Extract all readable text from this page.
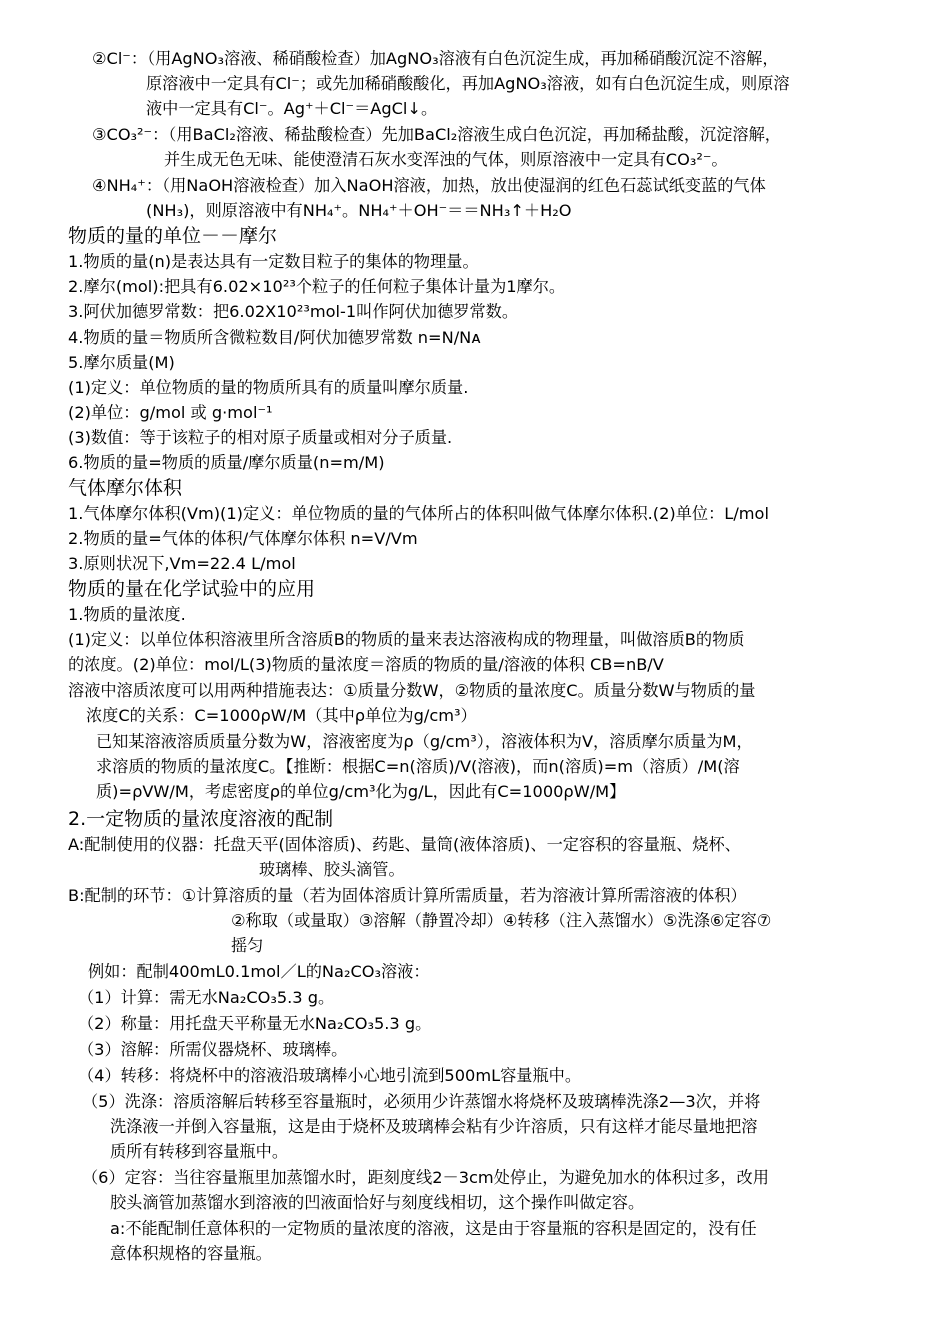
②Cl⁻：（用AgNO₃溶液、稀硝酸检查）加AgNO₃溶液有白色沉淀生成，再加稀硝酸沉淀不溶解，
原溶液中一定具有Cl⁻；或先加稀硝酸酸化，再加AgNO₃溶液，如有白色沉淀生成，则原溶
液中一定具有Cl⁻。Ag⁺＋Cl⁻＝AgCl↓。
③CO₃²⁻：（用BaCl₂溶液、稀盐酸检查）先加BaCl₂溶液生成白色沉淀，再加稀盐酸，沉淀溶解，
并生成无色无味、能使澄清石灰水变浑浊的气体，则原溶液中一定具有CO₃²⁻。
④NH₄⁺：（用NaOH溶液检查）加入NaOH溶液，加热，放出使湿润的红色石蕊试纸变蓝的气体
(NH₃)，则原溶液中有NH₄⁺。NH₄⁺＋OH⁻＝＝NH₃↑＋H₂O
物质的量的单位－－摩尔
1.物质的量(n)是表达具有一定数目粒子的集体的物理量。
2.摩尔(mol):把具有6.02×10²³个粒子的任何粒子集体计量为1摩尔。
3.阿伏加德罗常数：把6.02X10²³mol-1叫作阿伏加德罗常数。
4.物质的量＝物质所含微粒数目/阿伏加德罗常数 n=N/Nᴀ
5.摩尔质量(M)
(1)定义：单位物质的量的物质所具有的质量叫摩尔质量.
(2)单位：g/mol 或 g·mol⁻¹
(3)数值：等于该粒子的相对原子质量或相对分子质量.
6.物质的量=物质的质量/摩尔质量(n=m/M)
气体摩尔体积
1.气体摩尔体积(Vm)(1)定义：单位物质的量的气体所占的体积叫做气体摩尔体积.(2)单位：L/mol
2.物质的量=气体的体积/气体摩尔体积 n=V/Vm
3.原则状况下,Vm=22.4 L/mol
物质的量在化学试验中的应用
1.物质的量浓度.
(1)定义：以单位体积溶液里所含溶质B的物质的量来表达溶液构成的物理量，叫做溶质B的物质
的浓度。(2)单位：mol/L(3)物质的量浓度＝溶质的物质的量/溶液的体积 CB=nB/V
溶液中溶质浓度可以用两种措施表达：①质量分数W，②物质的量浓度C。质量分数W与物质的量
浓度C的关系：C=1000ρW/M（其中ρ单位为g/cm³）
已知某溶液溶质质量分数为W，溶液密度为ρ（g/cm³），溶液体积为V，溶质摩尔质量为M，
求溶质的物质的量浓度C。【推断：根据C=n(溶质)/V(溶液)，而n(溶质)=m（溶质）/M(溶
质)=ρVW/M，考虑密度ρ的单位g/cm³化为g/L，因此有C=1000ρW/M】
2.一定物质的量浓度溶液的配制
A:配制使用的仪器：托盘天平(固体溶质)、药匙、量筒(液体溶质)、一定容积的容量瓶、烧杯、
玻璃棒、胶头滴管。
B:配制的环节：①计算溶质的量（若为固体溶质计算所需质量，若为溶液计算所需溶液的体积）
②称取（或量取）③溶解（静置冷却）④转移（注入蒸馏水）⑤洗涤⑥定容⑦
摇匀
例如：配制400mL0.1mol／L的Na₂CO₃溶液：
（1）计算：需无水Na₂CO₃5.3 g。
（2）称量：用托盘天平称量无水Na₂CO₃5.3 g。
（3）溶解：所需仪器烧杯、玻璃棒。
（4）转移：将烧杯中的溶液沿玻璃棒小心地引流到500mL容量瓶中。
（5）洗涤：溶质溶解后转移至容量瓶时，必须用少许蒸馏水将烧杯及玻璃棒洗涤2—3次，并将
洗涤液一并倒入容量瓶，这是由于烧杯及玻璃棒会粘有少许溶质，只有这样才能尽量地把溶
质所有转移到容量瓶中。
（6）定容：当往容量瓶里加蒸馏水时，距刻度线2－3cm处停止，为避免加水的体积过多，改用
胶头滴管加蒸馏水到溶液的凹液面恰好与刻度线相切，这个操作叫做定容。
a:不能配制任意体积的一定物质的量浓度的溶液，这是由于容量瓶的容积是固定的，没有任
意体积规格的容量瓶。
